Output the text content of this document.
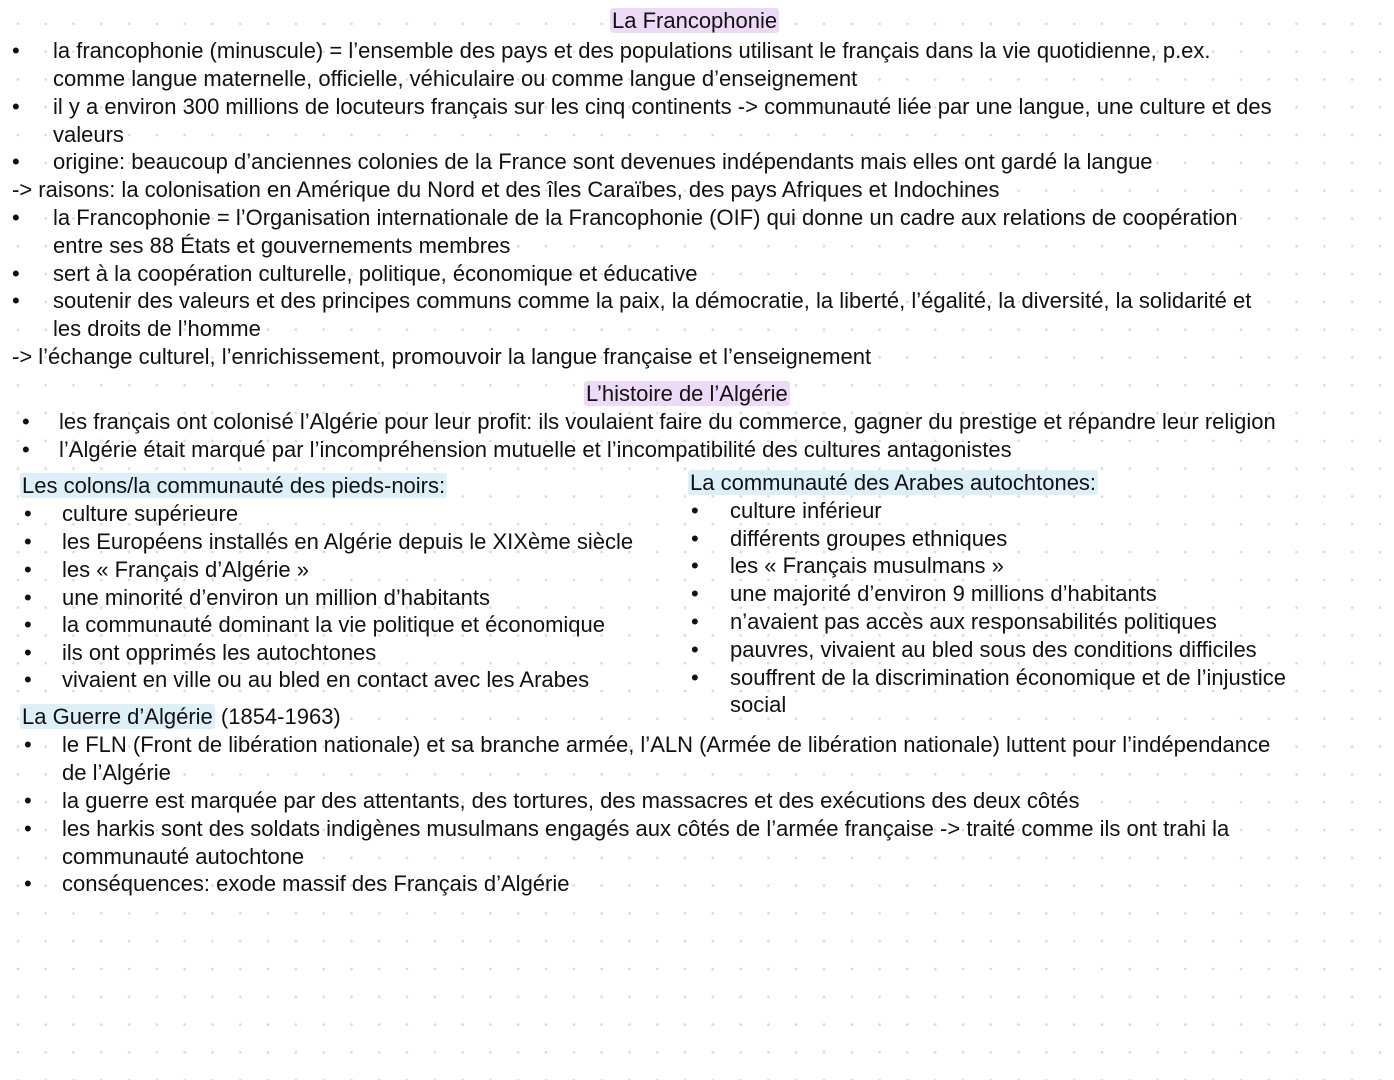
La Francophonie
• la francophonie (minuscule) = l’ensemble des pays et des populations utilisant le français dans la vie quotidienne, p.ex.
comme langue maternelle, officielle, véhiculaire ou comme langue d’enseignement
• il y a environ 300 millions de locuteurs français sur les cinq continents -> communauté liée par une langue, une culture et des
valeurs
• origine: beaucoup d’anciennes colonies de la France sont devenues indépendants mais elles ont gardé la langue
-> raisons: la colonisation en Amérique du Nord et des îles Caraïbes, des pays Afriques et Indochines
• la Francophonie = l’Organisation internationale de la Francophonie (OIF) qui donne un cadre aux relations de coopération
entre ses 88 États et gouvernements membres
• sert à la coopération culturelle, politique, économique et éducative
• soutenir des valeurs et des principes communs comme la paix, la démocratie, la liberté, l’égalité, la diversité, la solidarité et
les droits de l’homme
-> l’échange culturel, l’enrichissement, promouvoir la langue française et l’enseignement
L’histoire de l’Algérie
• les français ont colonisé l’Algérie pour leur profit: ils voulaient faire du commerce, gagner du prestige et répandre leur religion
• l’Algérie était marqué par l’incompréhension mutuelle et l’incompatibilité des cultures antagonistes
Les colons/la communauté des pieds-noirs:
• culture supérieure
• les Européens installés en Algérie depuis le XIXème siècle
• les « Français d’Algérie »
• une minorité d’environ un million d’habitants
• la communauté dominant la vie politique et économique
• ils ont opprimés les autochtones
• vivaient en ville ou au bled en contact avec les Arabes
La communauté des Arabes autochtones:
• culture inférieur
• différents groupes ethniques
• les « Français musulmans »
• une majorité d’environ 9 millions d’habitants
• n’avaient pas accès aux responsabilités politiques
• pauvres, vivaient au bled sous des conditions difficiles
• souffrent de la discrimination économique et de l’injustice
social
La Guerre d’Algérie (1854-1963)
• le FLN (Front de libération nationale) et sa branche armée, l’ALN (Armée de libération nationale) luttent pour l’indépendance
de l’Algérie
• la guerre est marquée par des attentants, des tortures, des massacres et des exécutions des deux côtés
• les harkis sont des soldats indigènes musulmans engagés aux côtés de l’armée française -> traité comme ils ont trahi la
communauté autochtone
• conséquences: exode massif des Français d’Algérie
